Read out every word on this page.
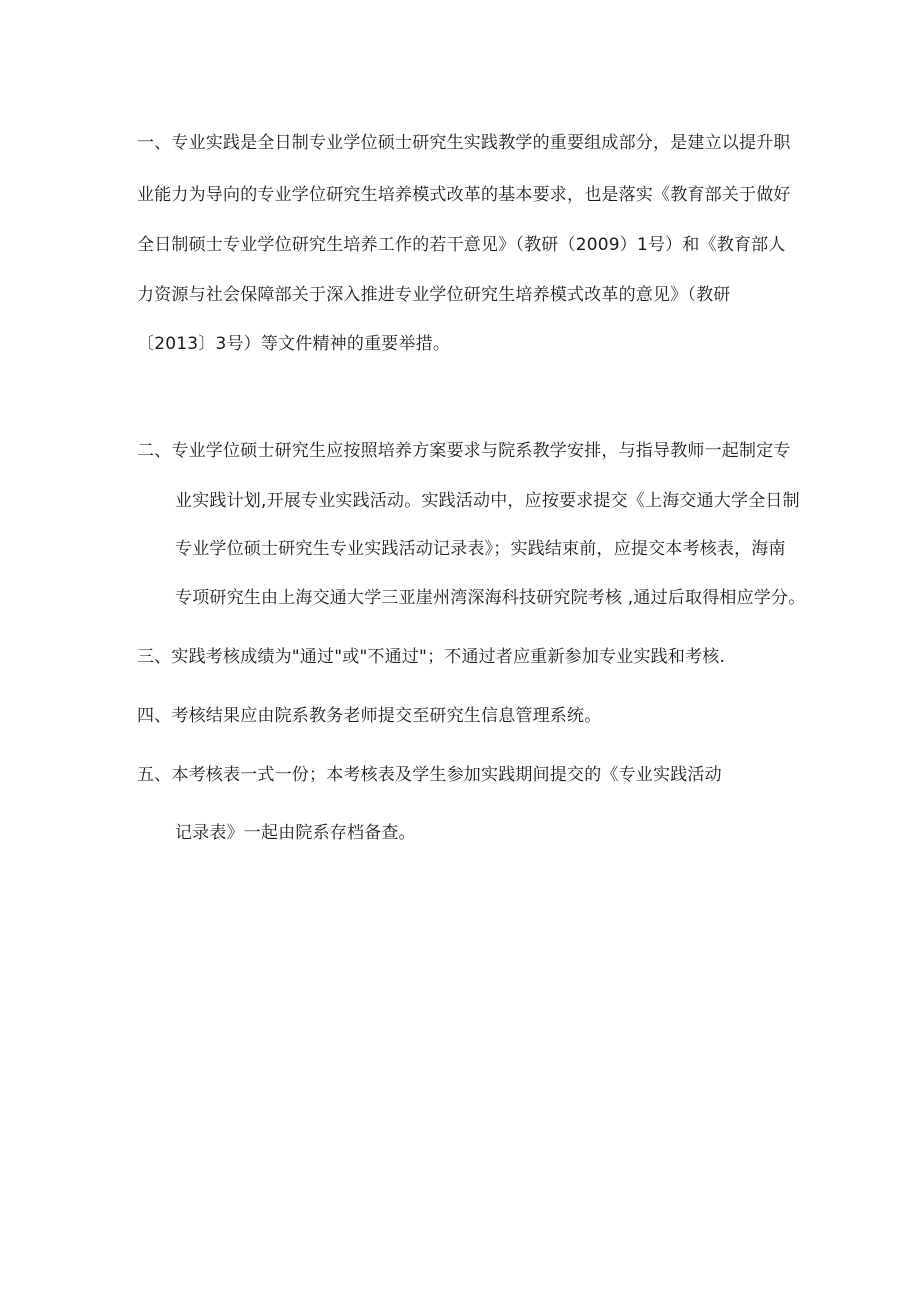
一、专业实践是全日制专业学位硕士研究生实践教学的重要组成部分，是建立以提升职
业能力为导向的专业学位研究生培养模式改革的基本要求，也是落实《教育部关于做好
全日制硕士专业学位研究生培养工作的若干意见》（教研（2009）1号）和《教育部人
力资源与社会保障部关于深入推进专业学位研究生培养模式改革的意见》（教研
〔2013〕3号）等文件精神的重要举措。
二、专业学位硕士研究生应按照培养方案要求与院系教学安排，与指导教师一起制定专
业实践计划,开展专业实践活动。实践活动中，应按要求提交《上海交通大学全日制
专业学位硕士研究生专业实践活动记录表》；实践结束前，应提交本考核表，海南
专项研究生由上海交通大学三亚崖州湾深海科技研究院考核 ,通过后取得相应学分。
三、实践考核成绩为"通过"或"不通过"；不通过者应重新参加专业实践和考核.
四、考核结果应由院系教务老师提交至研究生信息管理系统。
五、本考核表一式一份；本考核表及学生参加实践期间提交的《专业实践活动
记录表》一起由院系存档备查。
